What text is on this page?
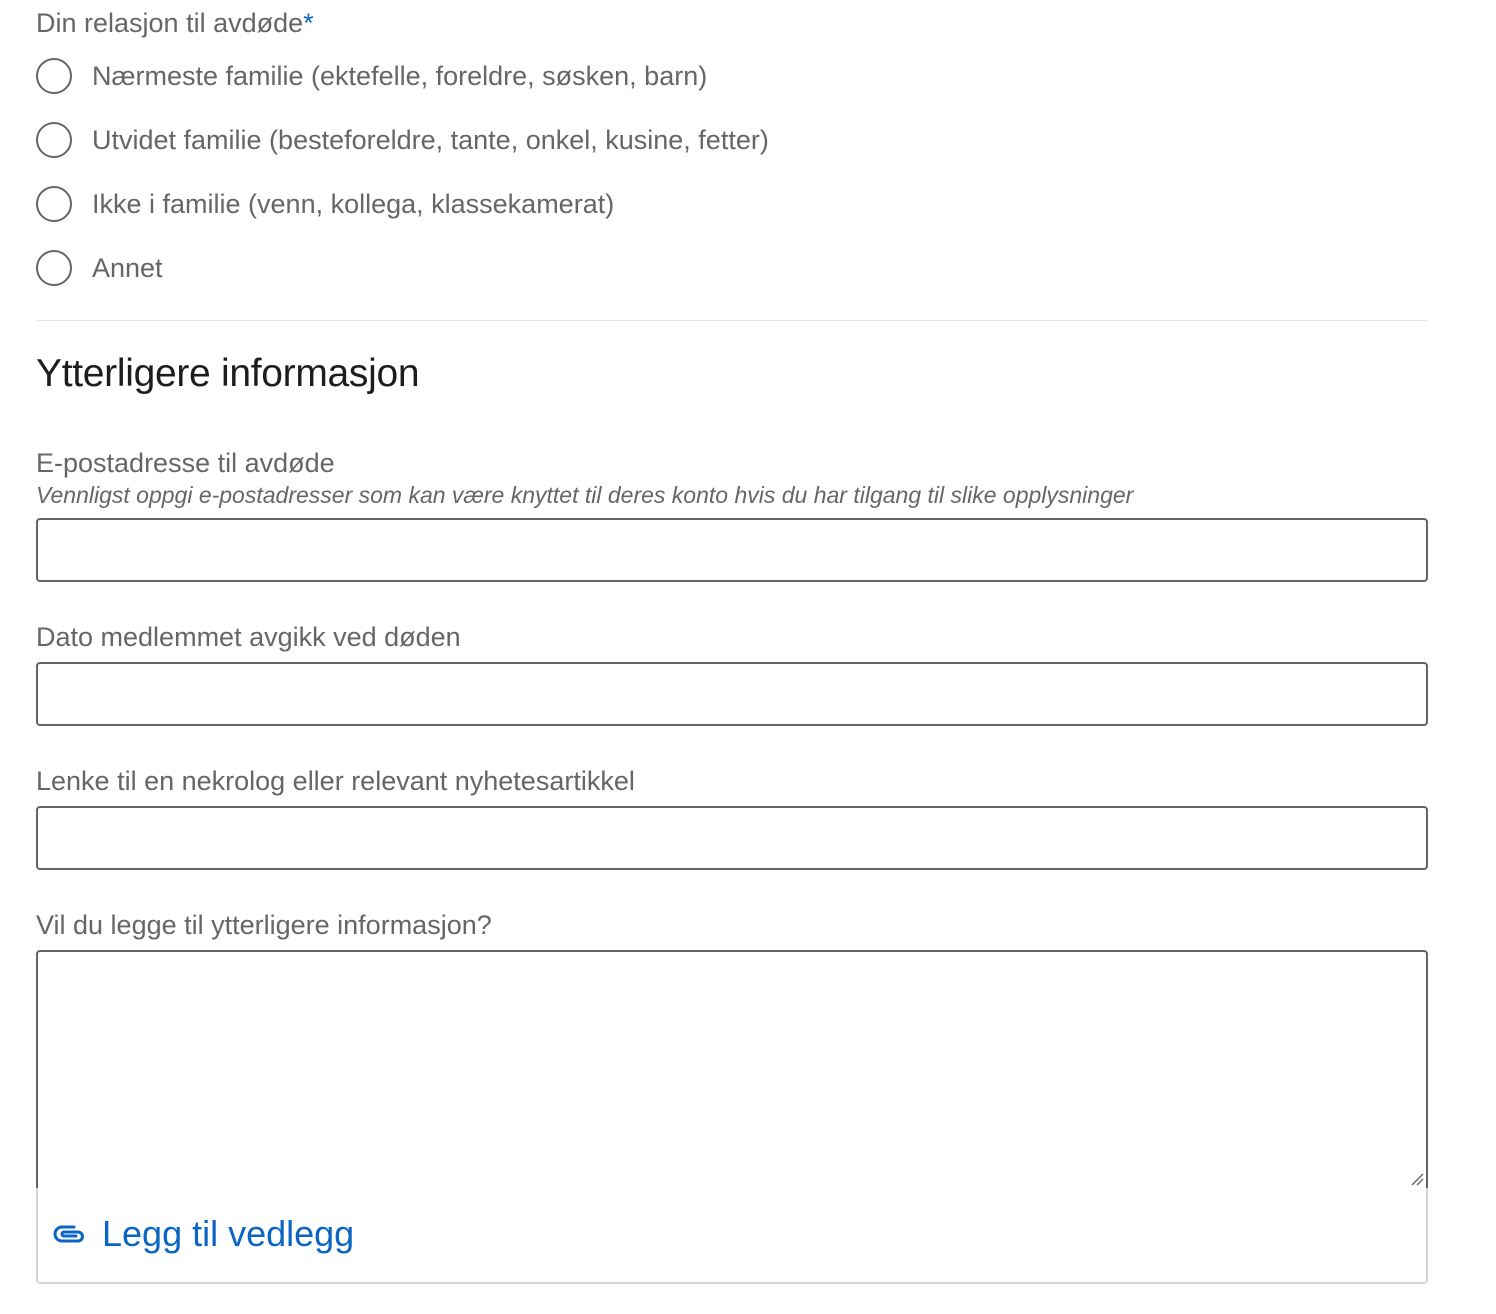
Din relasjon til avdøde*
Nærmeste familie (ektefelle, foreldre, søsken, barn)
Utvidet familie (besteforeldre, tante, onkel, kusine, fetter)
Ikke i familie (venn, kollega, klassekamerat)
Annet
Ytterligere informasjon
E-postadresse til avdøde
Vennligst oppgi e-postadresser som kan være knyttet til deres konto hvis du har tilgang til slike opplysninger
Dato medlemmet avgikk ved døden
Lenke til en nekrolog eller relevant nyhetesartikkel
Vil du legge til ytterligere informasjon?
Legg til vedlegg
